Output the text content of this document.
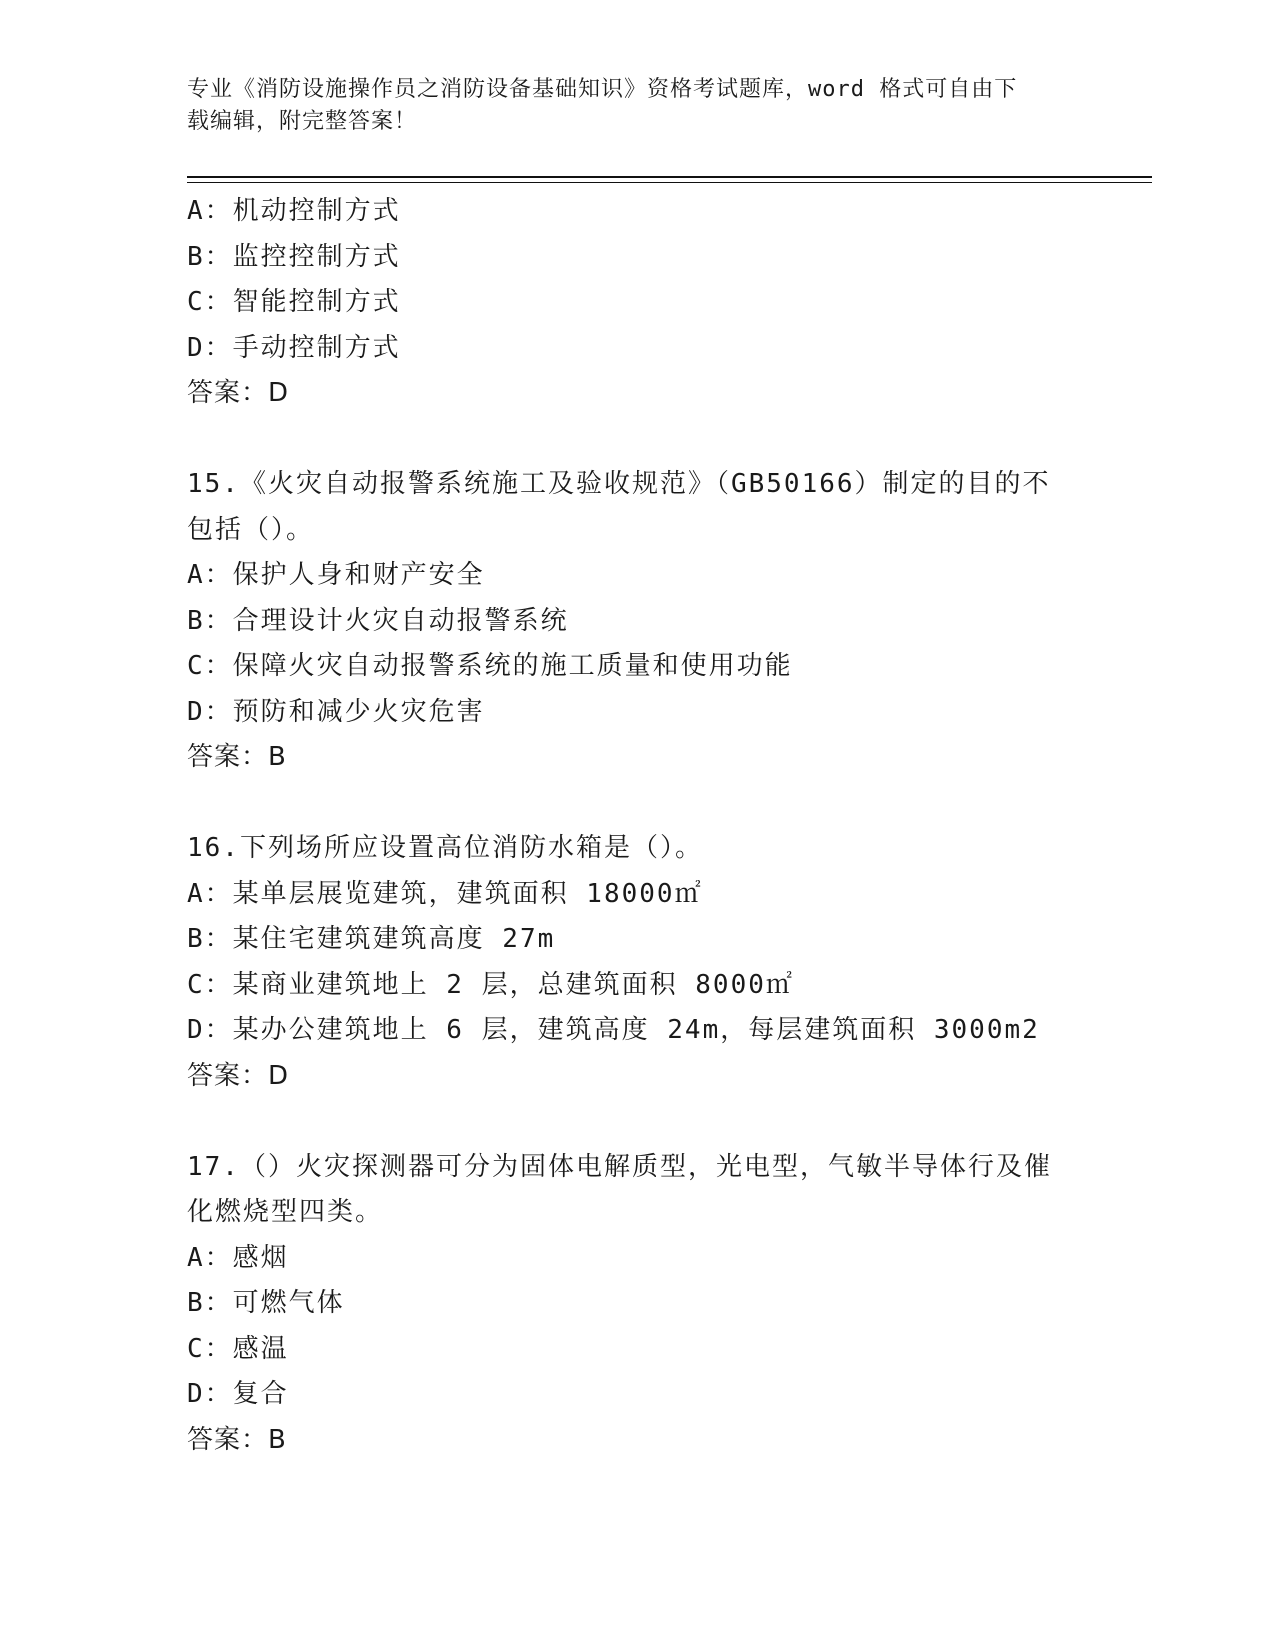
专业《消防设施操作员之消防设备基础知识》资格考试题库，word 格式可自由下
载编辑，附完整答案！
A：机动控制方式
B：监控控制方式
C：智能控制方式
D：手动控制方式
答案：D
15.《火灾自动报警系统施工及验收规范》（GB50166）制定的目的不
包括（）。
A：保护人身和财产安全
B：合理设计火灾自动报警系统
C：保障火灾自动报警系统的施工质量和使用功能
D：预防和减少火灾危害
答案：B
16.下列场所应设置高位消防水箱是（）。
A：某单层展览建筑，建筑面积 18000㎡
B：某住宅建筑建筑高度 27m
C：某商业建筑地上 2 层，总建筑面积 8000㎡
D：某办公建筑地上 6 层，建筑高度 24m，每层建筑面积 3000m2
答案：D
17.（）火灾探测器可分为固体电解质型，光电型，气敏半导体行及催
化燃烧型四类。
A：感烟
B：可燃气体
C：感温
D：复合
答案：B
